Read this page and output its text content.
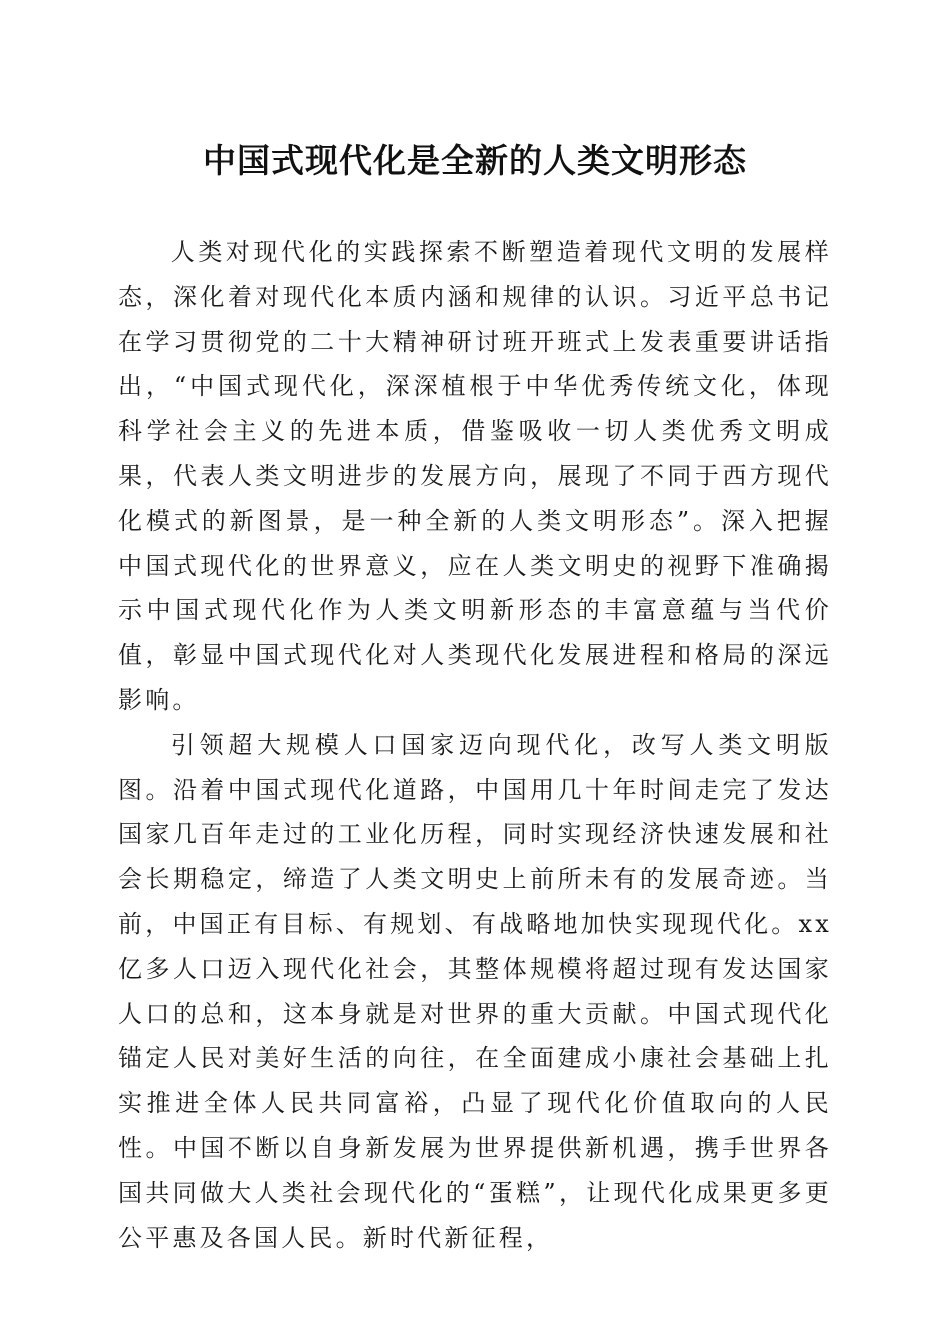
中国式现代化是全新的人类文明形态

人类对现代化的实践探索不断塑造着现代文明的发展样态，深化着对现代化本质内涵和规律的认识。习近平总书记在学习贯彻党的二十大精神研讨班开班式上发表重要讲话指出，“中国式现代化，深深植根于中华优秀传统文化，体现科学社会主义的先进本质，借鉴吸收一切人类优秀文明成果，代表人类文明进步的发展方向，展现了不同于西方现代化模式的新图景，是一种全新的人类文明形态”。深入把握中国式现代化的世界意义，应在人类文明史的视野下准确揭示中国式现代化作为人类文明新形态的丰富意蕴与当代价值，彰显中国式现代化对人类现代化发展进程和格局的深远影响。

引领超大规模人口国家迈向现代化，改写人类文明版图。沿着中国式现代化道路，中国用几十年时间走完了发达国家几百年走过的工业化历程，同时实现经济快速发展和社会长期稳定，缔造了人类文明史上前所未有的发展奇迹。当前，中国正有目标、有规划、有战略地加快实现现代化。xx亿多人口迈入现代化社会，其整体规模将超过现有发达国家人口的总和，这本身就是对世界的重大贡献。中国式现代化锚定人民对美好生活的向往，在全面建成小康社会基础上扎实推进全体人民共同富裕，凸显了现代化价值取向的人民性。中国不断以自身新发展为世界提供新机遇，携手世界各国共同做大人类社会现代化的“蛋糕”，让现代化成果更多更公平惠及各国人民。新时代新征程，
